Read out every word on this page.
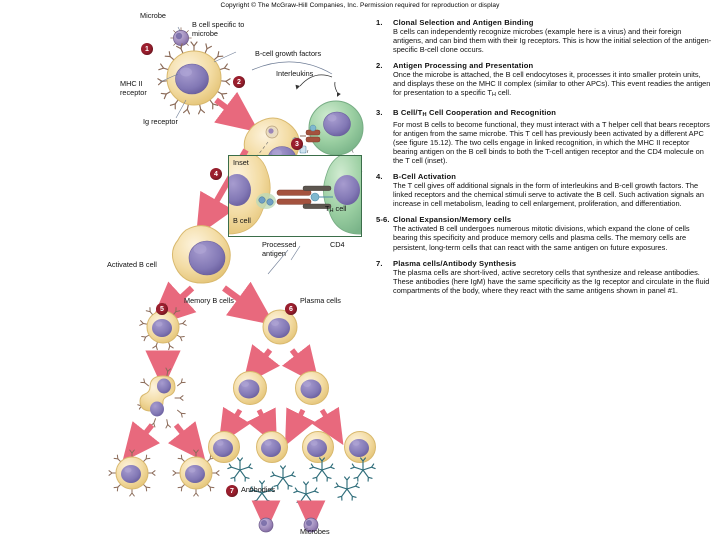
Copyright © The McGraw-Hill Companies, Inc. Permission required for reproduction or display
Microbe
B cell specific to microbe
B-cell growth factors
Interleukins
MHC II receptor
Ig receptor
Inset
B cell
TH cell
Processed antigen
CD4
Activated B cell
Memory B cells	Plasma cells
Antibodies
Microbes
1
2
3
4
5	6
7
1.	Clonal Selection and Antigen Binding
B cells can independently recognize microbes (example here is a virus) and their foreign antigens, and can bind them with their Ig receptors. This is how the initial selection of the antigen-specific B-cell clone occurs.
2.	Antigen Processing and Presentation
Once the microbe is attached, the B cell endocytoses it, processes it into smaller protein units, and displays these on the MHC II complex (similar to other APCs). This event readies the antigen for presentation to a specific TH cell.
3.	B Cell/TH Cell Cooperation and Recognition
For most B cells to become functional, they must interact with a T helper cell that bears receptors for antigen from the same microbe. This T cell has previously been activated by a different APC (see figure 15.12). The two cells engage in linked recognition, in which the MHC II receptor bearing antigen on the B cell binds to both the T-cell antigen receptor and the CD4 molecule on the T cell (inset).
4.	B-Cell Activation
The T cell gives off additional signals in the form of interleukins and B-cell growth factors. The linked receptors and the chemical stimuli serve to activate the B cell. Such activation signals an increase in cell metabolism, leading to cell enlargement, proliferation, and differentiation.
5-6. Clonal Expansion/Memory cells
The activated B cell undergoes numerous mitotic divisions, which expand the clone of cells bearing this specificity and produce memory cells and plasma cells. The memory cells are persistent, long-term cells that can react with the same antigen on future exposures.
7.	Plasma cells/Antibody Synthesis
The plasma cells are short-lived, active secretory cells that synthesize and release antibodies. These antibodies (here IgM) have the same specificity as the Ig receptor and circulate in the fluid compartments of the body, where they react with the same antigens shown in panel #1.
